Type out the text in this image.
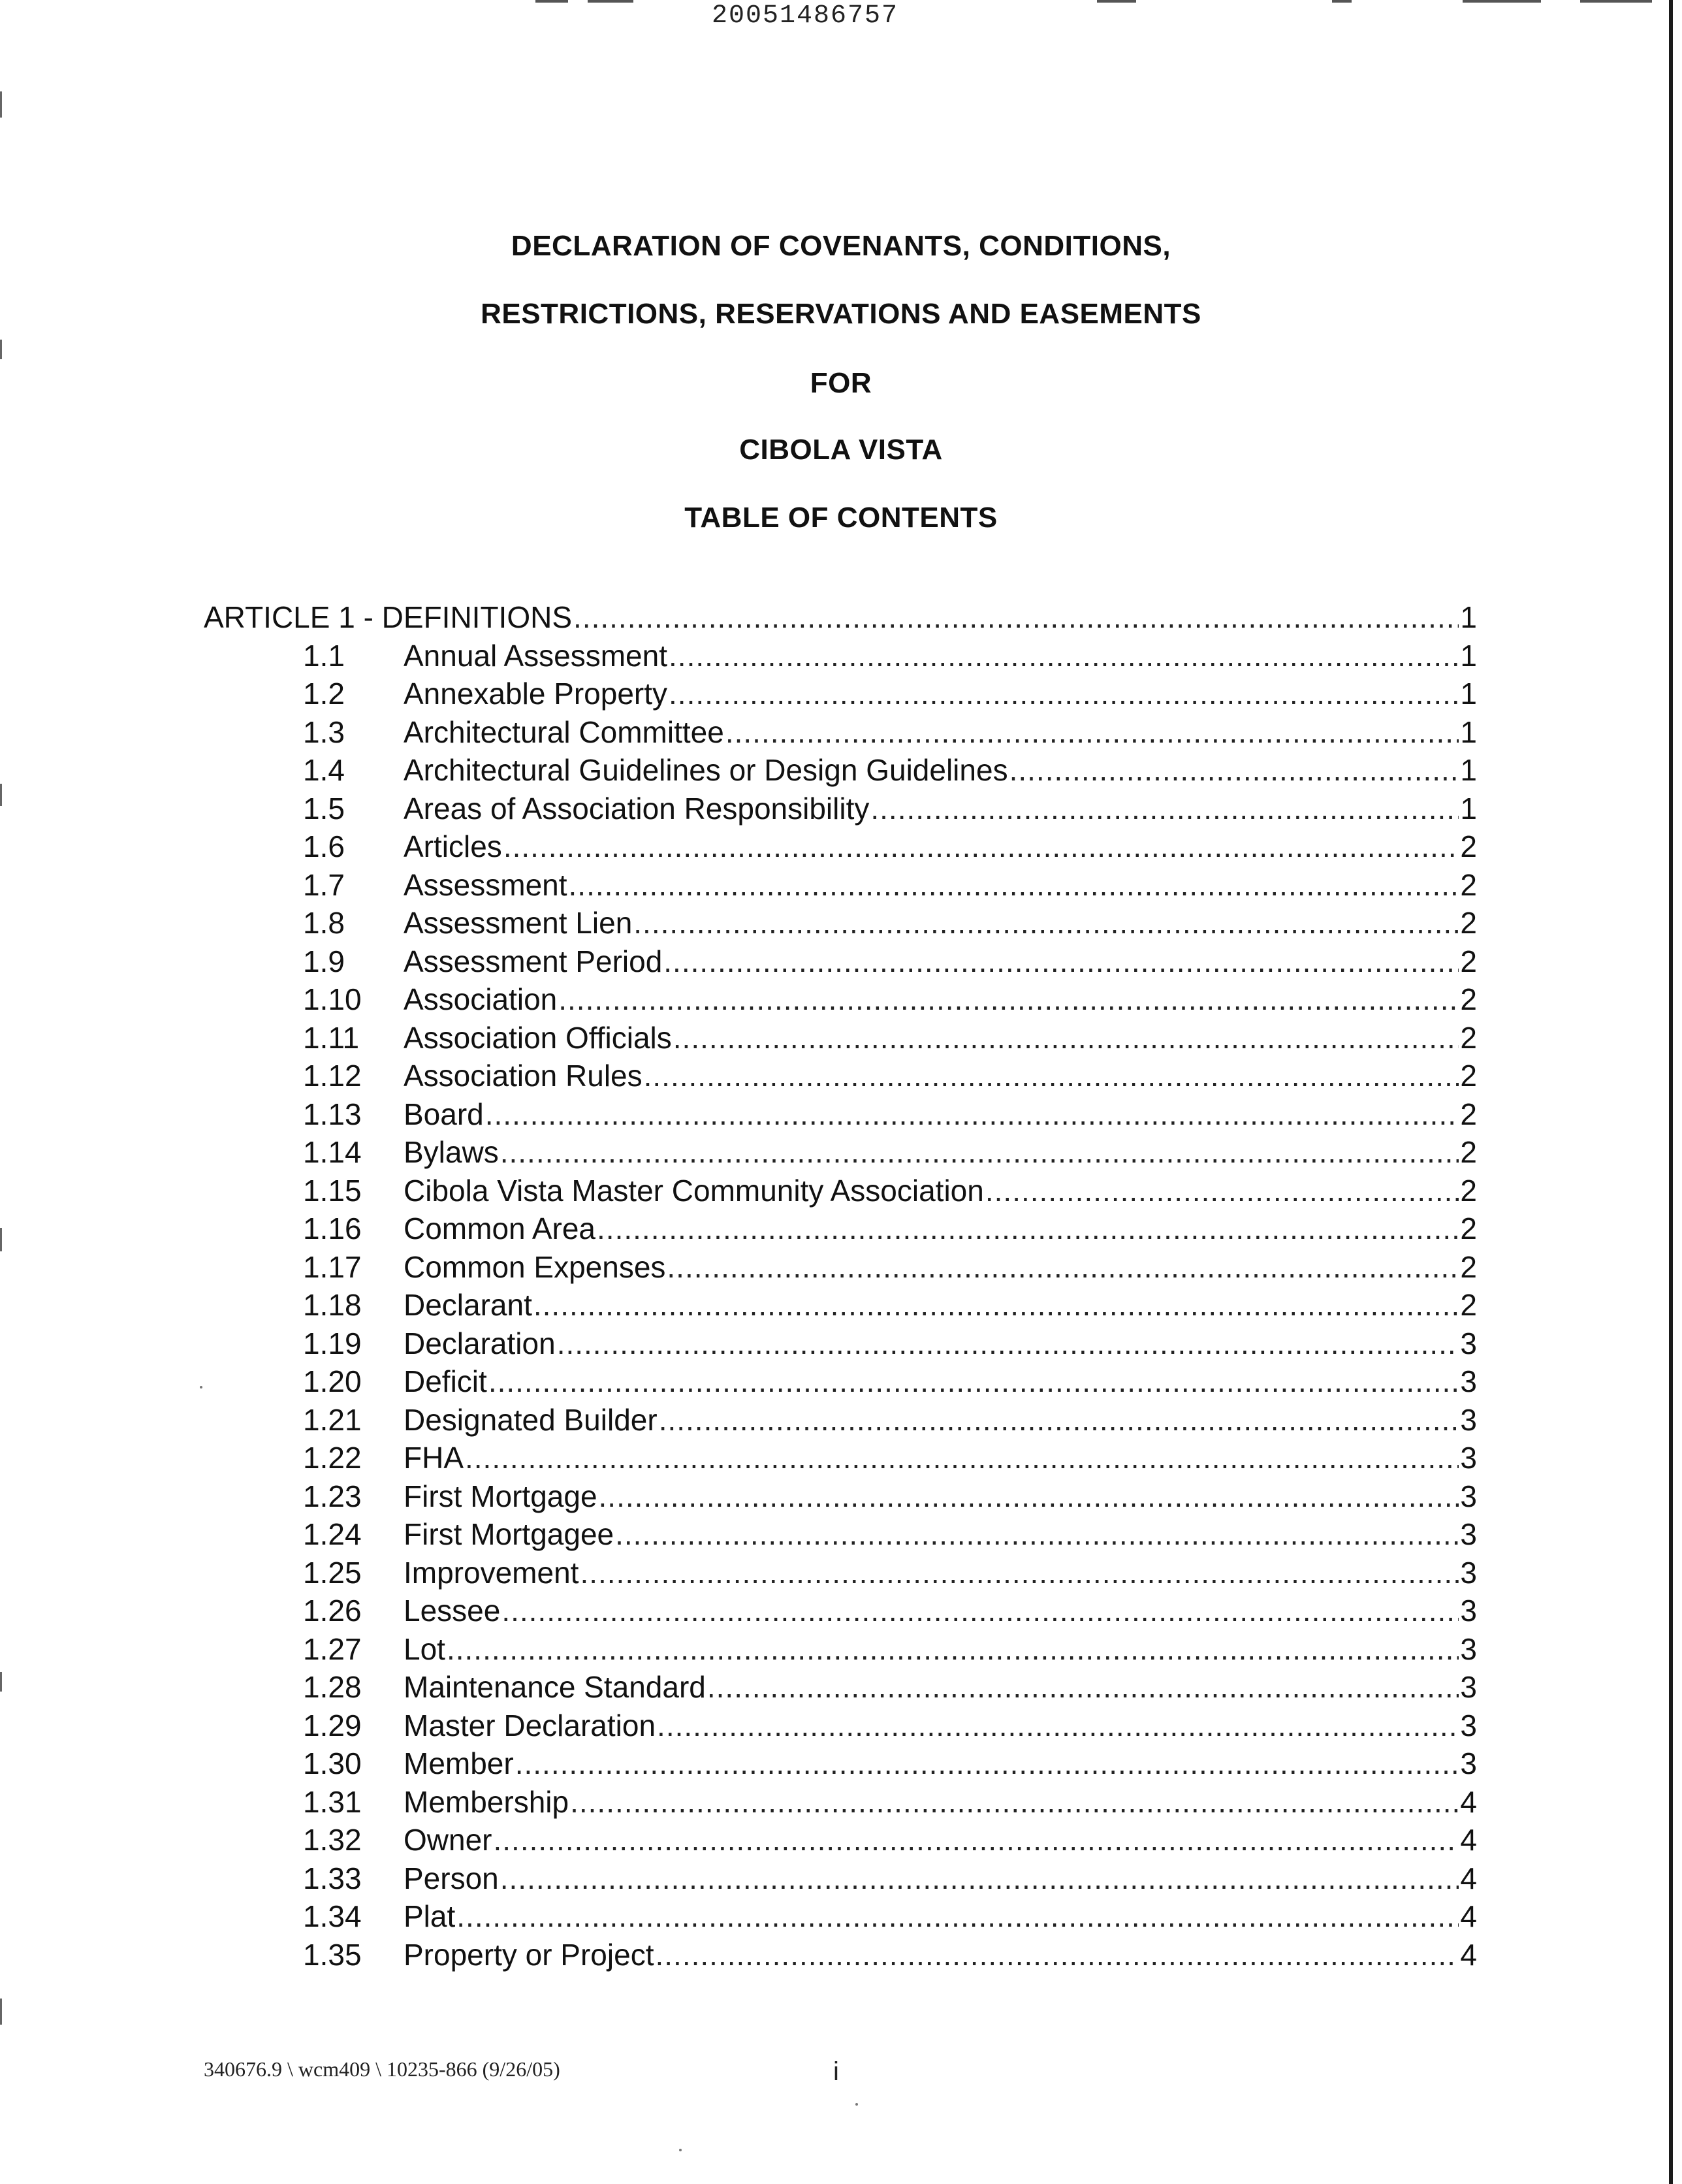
20051486757
DECLARATION OF COVENANTS, CONDITIONS,
RESTRICTIONS, RESERVATIONS AND EASEMENTS
FOR
CIBOLA VISTA
TABLE OF CONTENTS
ARTICLE 1 - DEFINITIONS .....	1
1.1	Annual Assessment .....	1
1.2	Annexable Property .....	1
1.3	Architectural Committee .....	1
1.4	Architectural Guidelines or Design Guidelines .....	1
1.5	Areas of Association Responsibility .....	1
1.6	Articles .....	2
1.7	Assessment .....	2
1.8	Assessment Lien .....	2
1.9	Assessment Period .....	2
1.10	Association .....	2
1.11	Association Officials .....	2
1.12	Association Rules .....	2
1.13	Board .....	2
1.14	Bylaws .....	2
1.15	Cibola Vista Master Community Association .....	2
1.16	Common Area .....	2
1.17	Common Expenses .....	2
1.18	Declarant .....	2
1.19	Declaration .....	3
1.20	Deficit .....	3
1.21	Designated Builder .....	3
1.22	FHA .....	3
1.23	First Mortgage .....	3
1.24	First Mortgagee .....	3
1.25	Improvement .....	3
1.26	Lessee .....	3
1.27	Lot .....	3
1.28	Maintenance Standard .....	3
1.29	Master Declaration .....	3
1.30	Member .....	3
1.31	Membership .....	4
1.32	Owner .....	4
1.33	Person .....	4
1.34	Plat .....	4
1.35	Property or Project .....	4
340676.9 \ wcm409 \ 10235-866 (9/26/05)	i
